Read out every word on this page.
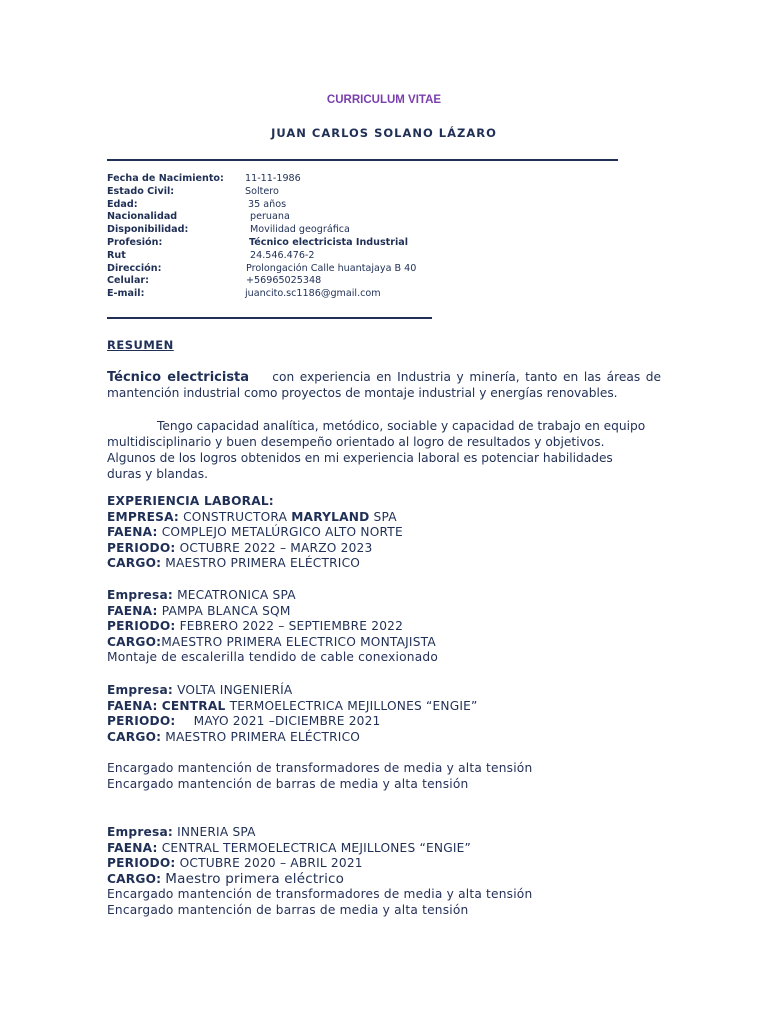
CURRICULUM VITAE
JUAN CARLOS SOLANO LÁZARO
Fecha de Nacimiento: 11-11-1986
Estado Civil:	Soltero
Edad:	35 años
Nacionalidad	peruana
Disponibilidad:	Movilidad geográfica
Profesión:	Técnico electricista Industrial
Rut	24.546.476-2
Dirección:	Prolongación Calle huantajaya B 40
Celular:	+56965025348
E-mail:	juancito.sc1186@gmail.com
RESUMEN
Técnico electricista con experiencia en Industria y minería, tanto en las áreas de
mantención industrial como proyectos de montaje industrial y energías renovables.
Tengo capacidad analítica, metódico, sociable y capacidad de trabajo en equipo
multidisciplinario y buen desempeño orientado al logro de resultados y objetivos.
Algunos de los logros obtenidos en mi experiencia laboral es potenciar habilidades
duras y blandas.
EXPERIENCIA LABORAL:
EMPRESA: CONSTRUCTORA MARYLAND SPA
FAENA: COMPLEJO METALÚRGICO ALTO NORTE
PERIODO: OCTUBRE 2022 – MARZO 2023
CARGO: MAESTRO PRIMERA ELÉCTRICO
Empresa: MECATRONICA SPA
FAENA: PAMPA BLANCA SQM
PERIODO: FEBRERO 2022 – SEPTIEMBRE 2022
CARGO:MAESTRO PRIMERA ELECTRICO MONTAJISTA
Montaje de escalerilla tendido de cable conexionado
Empresa: VOLTA INGENIERÍA
FAENA: CENTRAL TERMOELECTRICA MEJILLONES “ENGIE”
PERIODO: MAYO 2021 –DICIEMBRE 2021
CARGO: MAESTRO PRIMERA ELÉCTRICO
Encargado mantención de transformadores de media y alta tensión
Encargado mantención de barras de media y alta tensión
Empresa: INNERIA SPA
FAENA: CENTRAL TERMOELECTRICA MEJILLONES “ENGIE”
PERIODO: OCTUBRE 2020 – ABRIL 2021
CARGO: Maestro primera eléctrico
Encargado mantención de transformadores de media y alta tensión
Encargado mantención de barras de media y alta tensión
